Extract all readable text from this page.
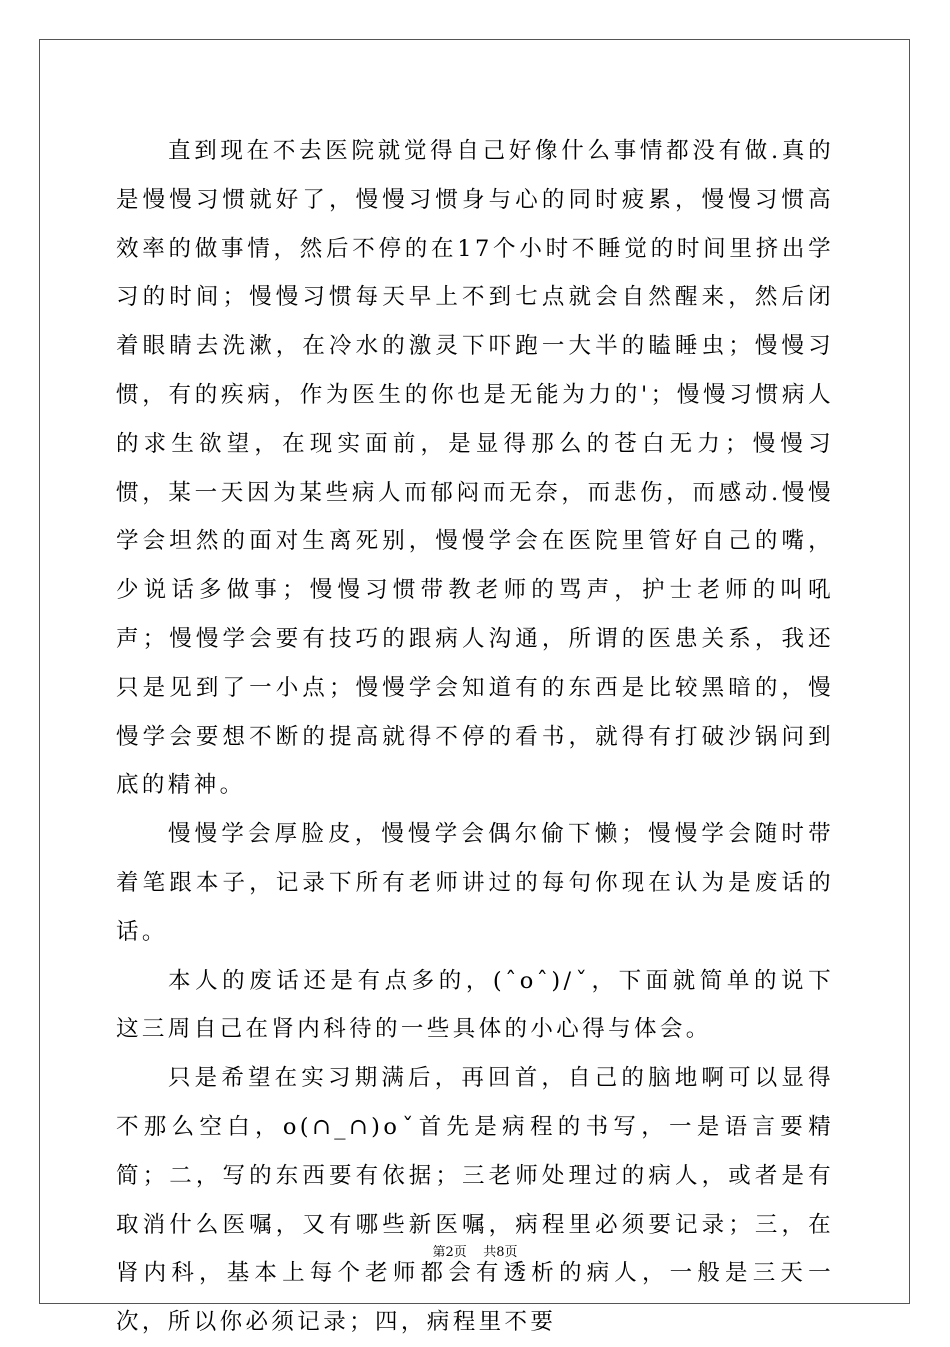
直到现在不去医院就觉得自己好像什么事情都没有做.真的是慢慢习惯就好了，慢慢习惯身与心的同时疲累，慢慢习惯高效率的做事情，然后不停的在17个小时不睡觉的时间里挤出学习的时间；慢慢习惯每天早上不到七点就会自然醒来，然后闭着眼睛去洗漱，在冷水的激灵下吓跑一大半的瞌睡虫；慢慢习惯，有的疾病，作为医生的你也是无能为力的'；慢慢习惯病人的求生欲望，在现实面前，是显得那么的苍白无力；慢慢习惯，某一天因为某些病人而郁闷而无奈，而悲伤，而感动.慢慢学会坦然的面对生离死别，慢慢学会在医院里管好自己的嘴，少说话多做事；慢慢习惯带教老师的骂声，护士老师的叫吼声；慢慢学会要有技巧的跟病人沟通，所谓的医患关系，我还只是见到了一小点；慢慢学会知道有的东西是比较黑暗的，慢慢学会要想不断的提高就得不停的看书，就得有打破沙锅问到底的精神。

慢慢学会厚脸皮，慢慢学会偶尔偷下懒；慢慢学会随时带着笔跟本子，记录下所有老师讲过的每句你现在认为是废话的话。

本人的废话还是有点多的，(ˆoˆ)/ˇ，下面就简单的说下这三周自己在肾内科待的一些具体的小心得与体会。

只是希望在实习期满后，再回首，自己的脑地啊可以显得不那么空白，o(∩_∩)oˇ首先是病程的书写，一是语言要精简；二，写的东西要有依据；三老师处理过的病人，或者是有取消什么医嘱，又有哪些新医嘱，病程里必须要记录；三，在肾内科，基本上每个老师都会有透析的病人，一般是三天一次，所以你必须记录；四，病程里不要

第2页 共8页
